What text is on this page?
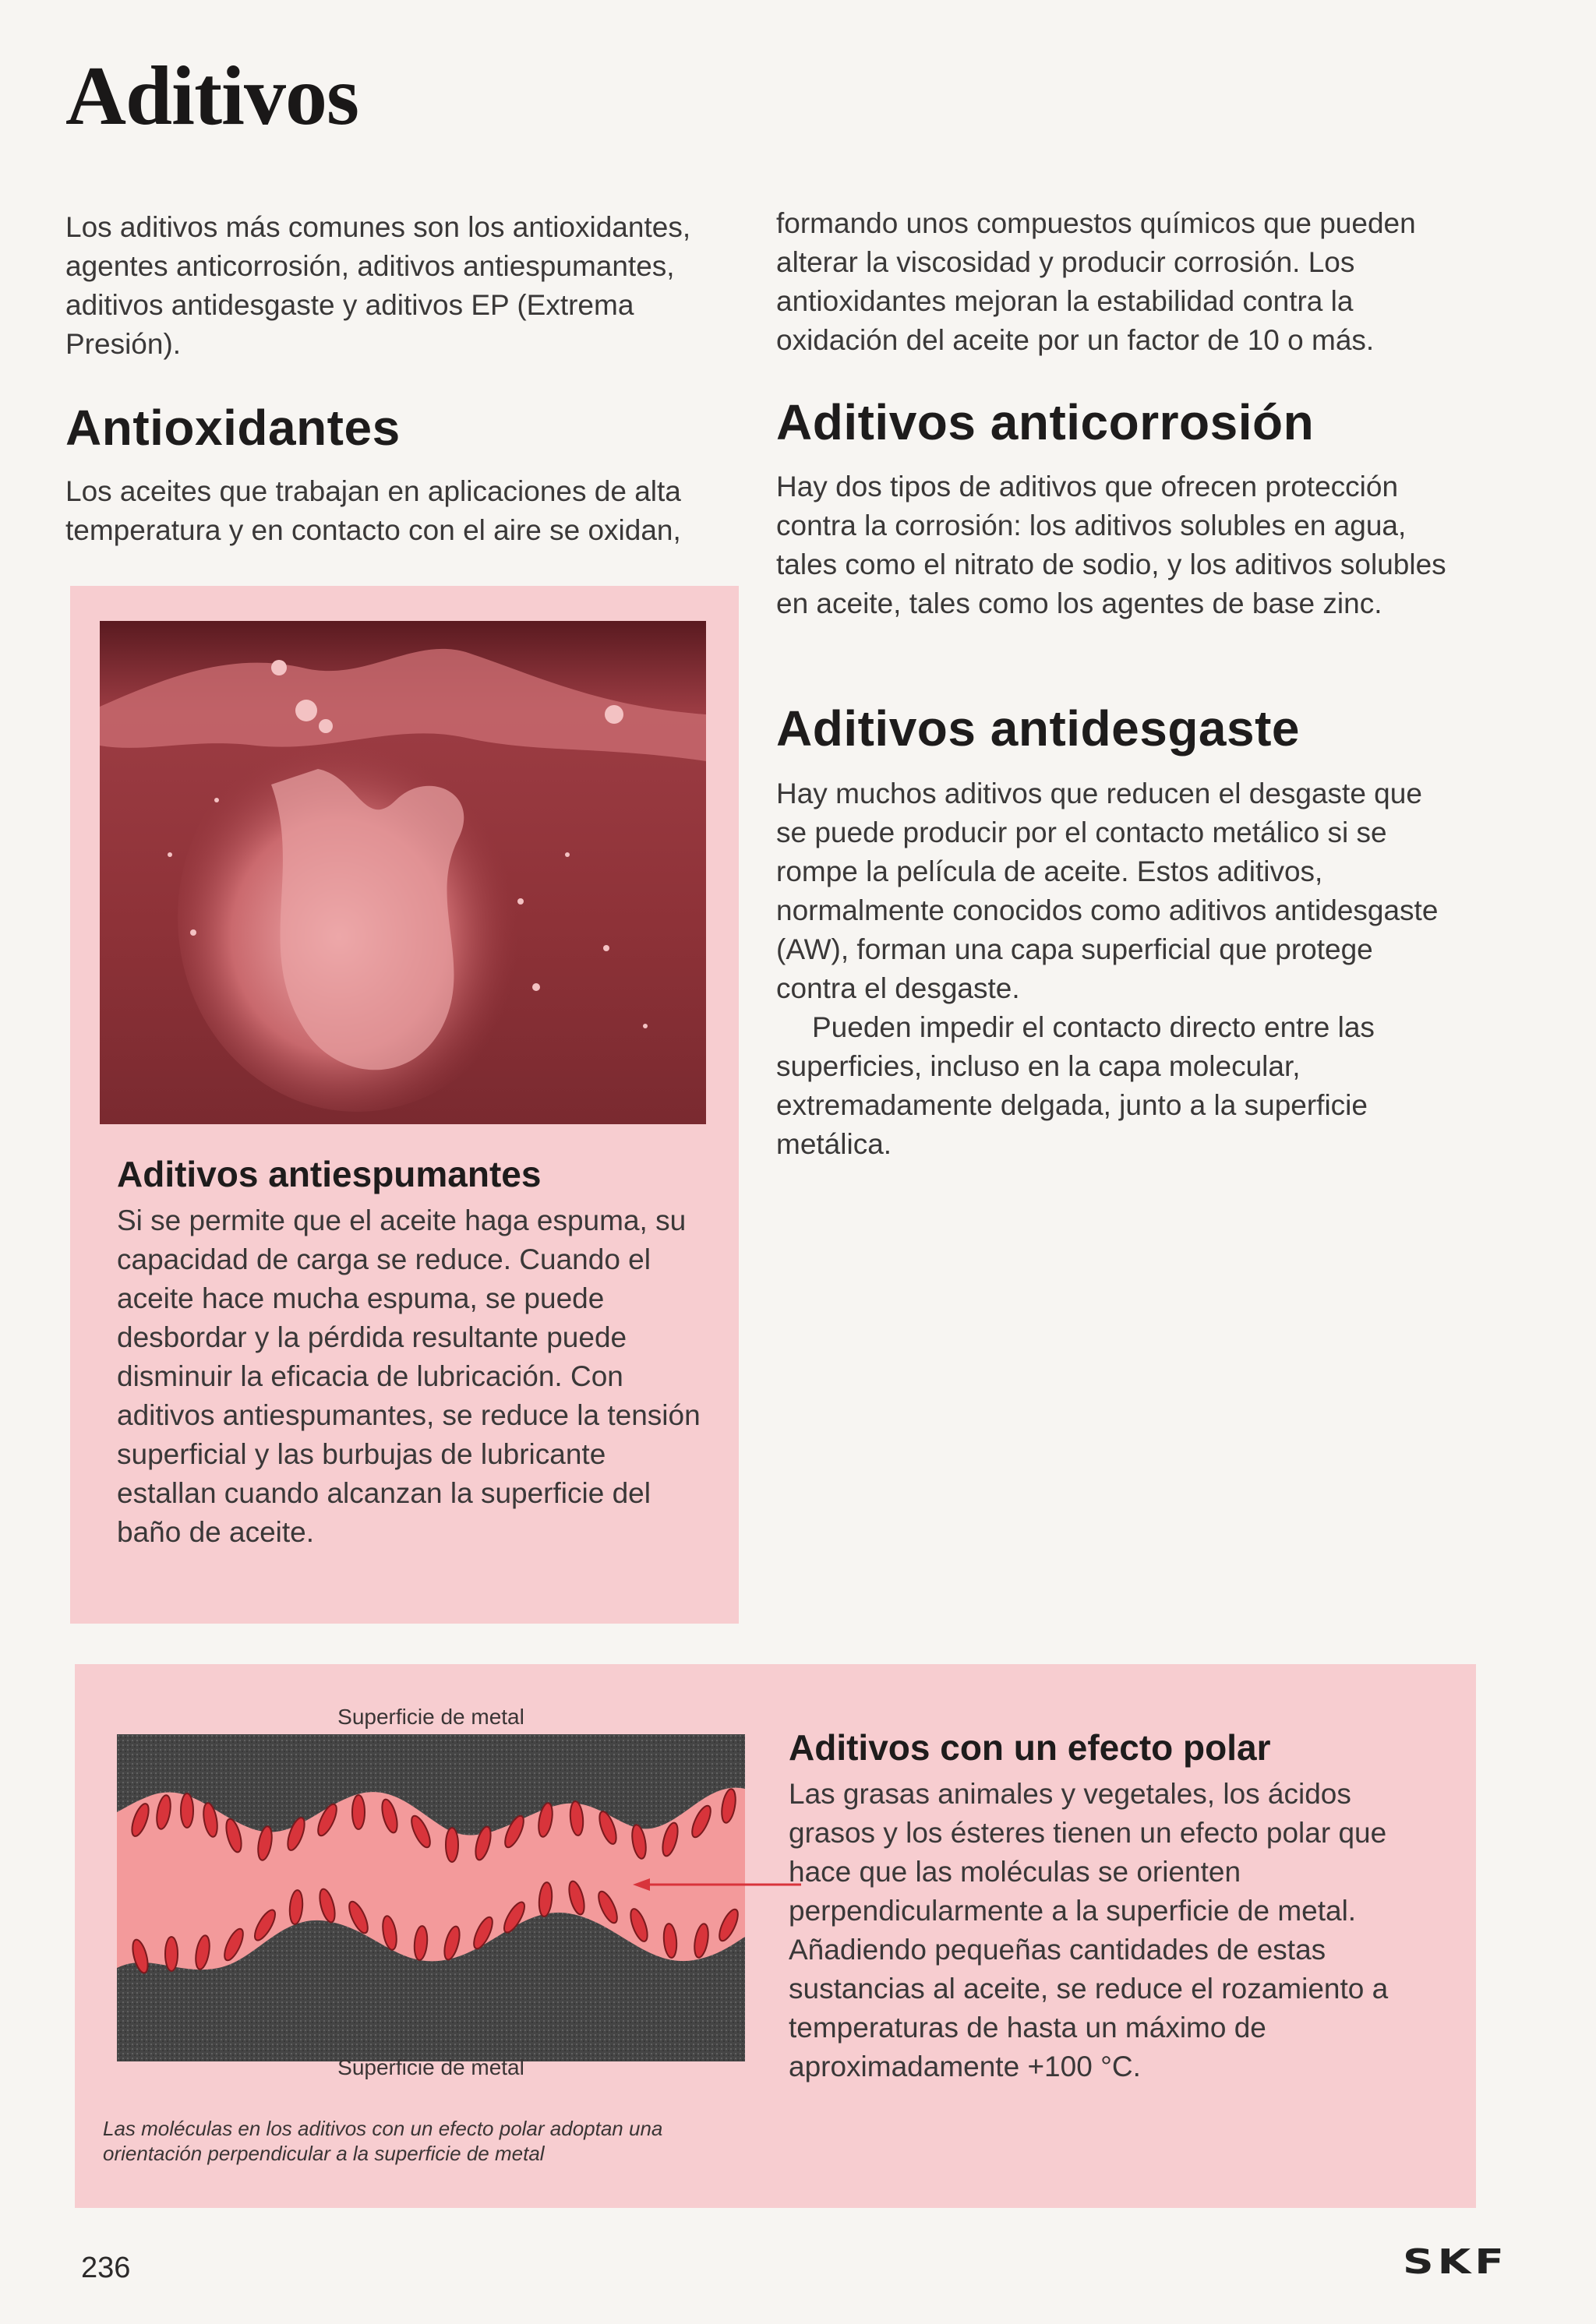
Aditivos

Los aditivos más comunes son los antioxidantes, agentes anticorrosión, aditivos antiespumantes, aditivos antidesgaste y aditivos EP (Extrema Presión).

formando unos compuestos químicos que pueden alterar la viscosidad y producir corrosión. Los antioxidantes mejoran la estabilidad contra la oxidación del aceite por un factor de 10 o más.

Antioxidantes

Los aceites que trabajan en aplicaciones de alta temperatura y en contacto con el aire se oxidan,

Aditivos antiespumantes

Si se permite que el aceite haga espuma, su capacidad de carga se reduce. Cuando el aceite hace mucha espuma, se puede desbordar y la pérdida resultante puede disminuir la eficacia de lubricación. Con aditivos antiespumantes, se reduce la tensión superficial y las burbujas de lubricante estallan cuando alcanzan la superficie del baño de aceite.

Aditivos anticorrosión

Hay dos tipos de aditivos que ofrecen protección contra la corrosión: los aditivos solubles en agua, tales como el nitrato de sodio, y los aditivos solubles en aceite, tales como los agentes de base zinc.

Aditivos antidesgaste

Hay muchos aditivos que reducen el desgaste que se puede producir por el contacto metálico si se rompe la película de aceite. Estos aditivos, normalmente conocidos como aditivos antidesgaste (AW), forman una capa superficial que protege contra el desgaste.

Pueden impedir el contacto directo entre las superficies, incluso en la capa molecular, extremadamente delgada, junto a la superficie metálica.

Superficie de metal
Superficie de metal

Las moléculas en los aditivos con un efecto polar adoptan una orientación perpendicular a la superficie de metal

Aditivos con un efecto polar

Las grasas animales y vegetales, los ácidos grasos y los ésteres tienen un efecto polar que hace que las moléculas se orienten perpendicularmente a la superficie de metal. Añadiendo pequeñas cantidades de estas sustancias al aceite, se reduce el rozamiento a temperaturas de hasta un máximo de aproximadamente +100 °C.

236	SKF
